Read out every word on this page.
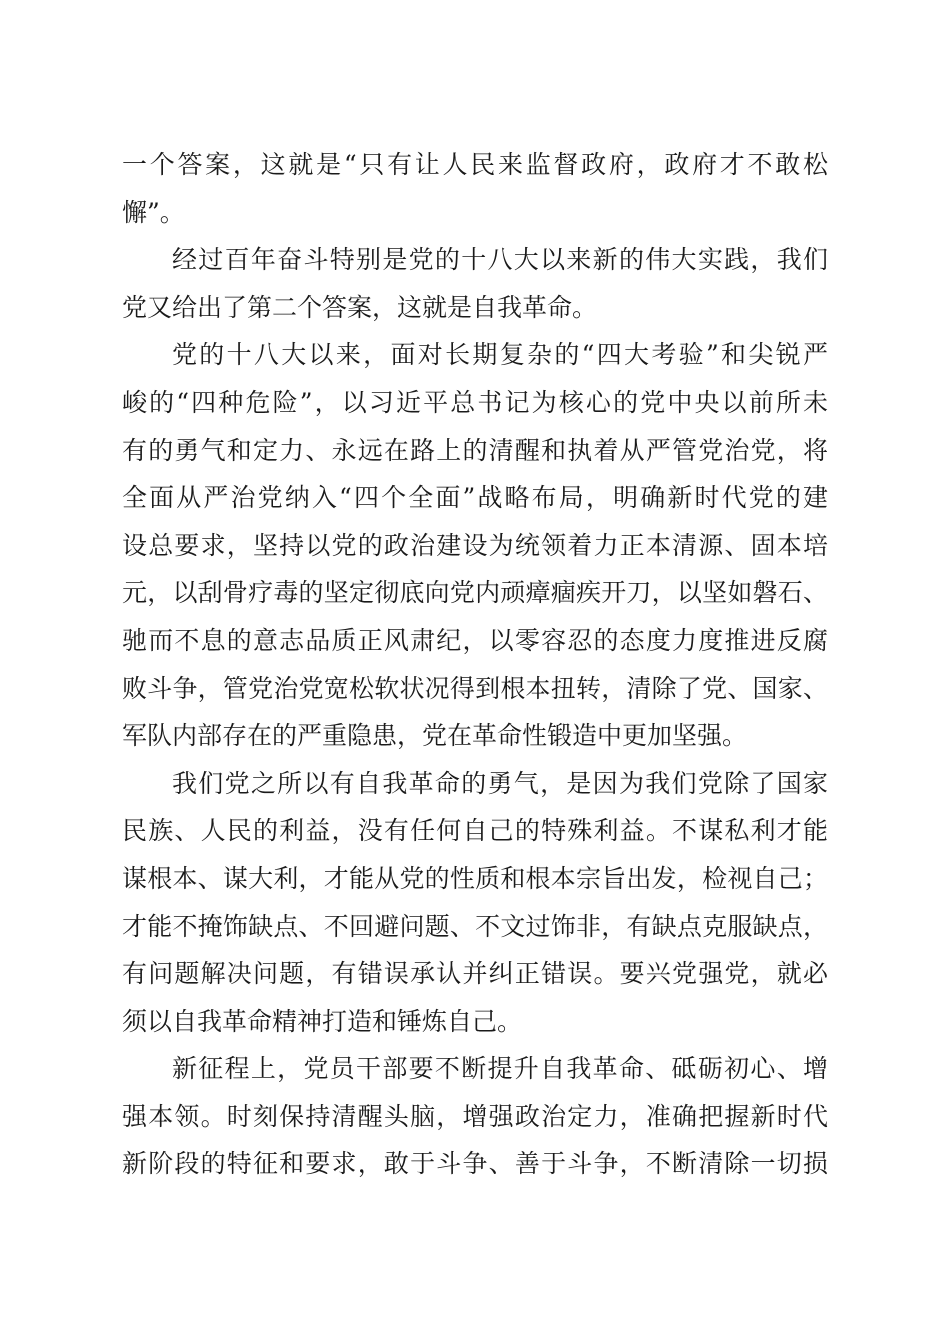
一个答案，这就是“只有让人民来监督政府，政府才不敢松
懈”。
经过百年奋斗特别是党的十八大以来新的伟大实践，我们
党又给出了第二个答案，这就是自我革命。
党的十八大以来，面对长期复杂的“四大考验”和尖锐严
峻的“四种危险”，以习近平总书记为核心的党中央以前所未
有的勇气和定力、永远在路上的清醒和执着从严管党治党，将
全面从严治党纳入“四个全面”战略布局，明确新时代党的建
设总要求，坚持以党的政治建设为统领着力正本清源、固本培
元，以刮骨疗毒的坚定彻底向党内顽瘴痼疾开刀，以坚如磐石、
驰而不息的意志品质正风肃纪，以零容忍的态度力度推进反腐
败斗争，管党治党宽松软状况得到根本扭转，清除了党、国家、
军队内部存在的严重隐患，党在革命性锻造中更加坚强。
我们党之所以有自我革命的勇气，是因为我们党除了国家
民族、人民的利益，没有任何自己的特殊利益。不谋私利才能
谋根本、谋大利，才能从党的性质和根本宗旨出发，检视自己；
才能不掩饰缺点、不回避问题、不文过饰非，有缺点克服缺点，
有问题解决问题，有错误承认并纠正错误。要兴党强党，就必
须以自我革命精神打造和锤炼自己。
新征程上，党员干部要不断提升自我革命、砥砺初心、增
强本领。时刻保持清醒头脑，增强政治定力，准确把握新时代
新阶段的特征和要求，敢于斗争、善于斗争，不断清除一切损
